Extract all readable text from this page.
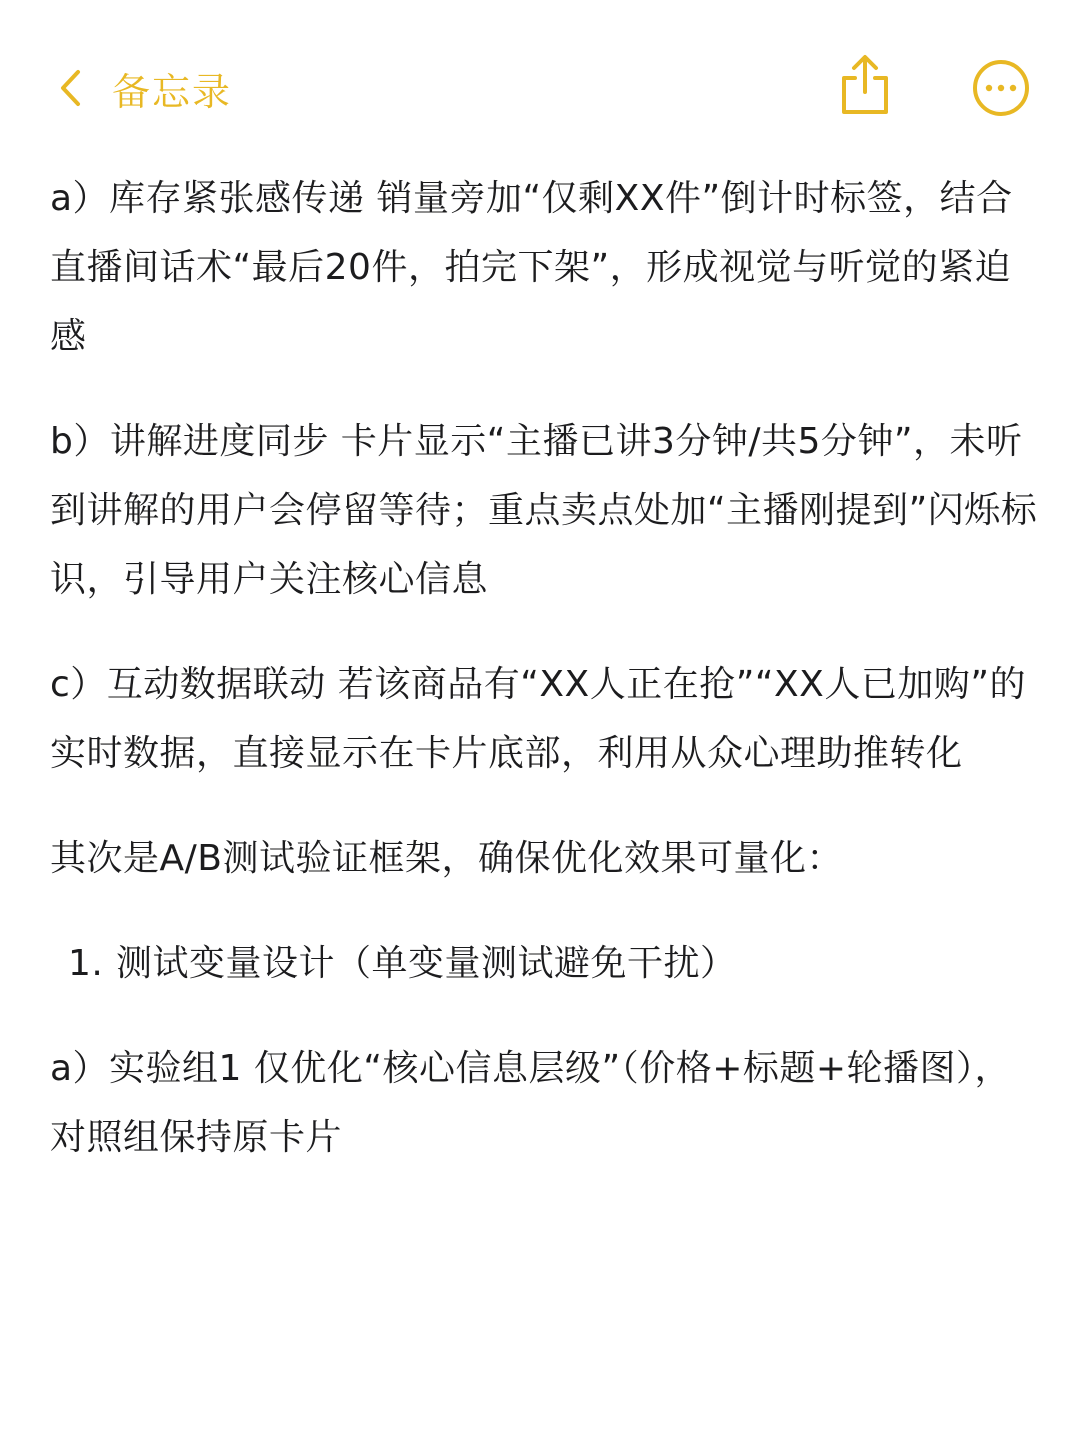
备忘录

a）库存紧张感传递 销量旁加“仅剩XX件”倒计时标签，结合直播间话术“最后20件，拍完下架”，形成视觉与听觉的紧迫感

b）讲解进度同步 卡片显示“主播已讲3分钟/共5分钟”，未听到讲解的用户会停留等待；重点卖点处加“主播刚提到”闪烁标识，引导用户关注核心信息

c）互动数据联动 若该商品有“XX人正在抢”“XX人已加购”的实时数据，直接显示在卡片底部，利用从众心理助推转化

其次是A/B测试验证框架，确保优化效果可量化：

1. 测试变量设计（单变量测试避免干扰）

a）实验组1 仅优化“核心信息层级”（价格+标题+轮播图），对照组保持原卡片
